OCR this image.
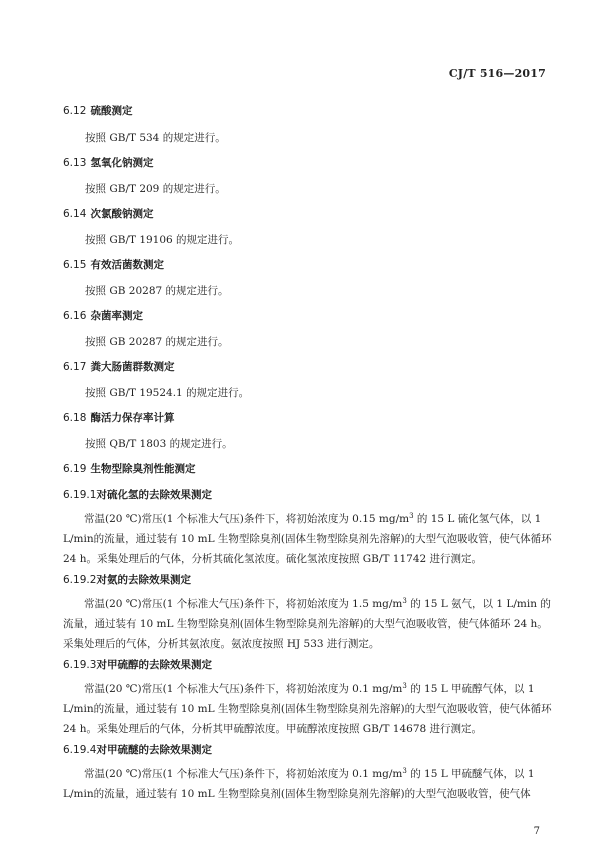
CJ/T 516—2017
6.12 硫酸测定
按照 GB/T 534 的规定进行。
6.13 氢氧化钠测定
按照 GB/T 209 的规定进行。
6.14 次氯酸钠测定
按照 GB/T 19106 的规定进行。
6.15 有效活菌数测定
按照 GB 20287 的规定进行。
6.16 杂菌率测定
按照 GB 20287 的规定进行。
6.17 粪大肠菌群数测定
按照 GB/T 19524.1 的规定进行。
6.18 酶活力保存率计算
按照 QB/T 1803 的规定进行。
6.19 生物型除臭剂性能测定
6.19.1 对硫化氢的去除效果测定
常温(20 ℃)常压(1 个标准大气压)条件下，将初始浓度为 0.15 $mg/m^3$ 的 15 L 硫化氢气体，以 1 L/min的流量，通过装有 10 mL 生物型除臭剂(固体生物型除臭剂先溶解)的大型气泡吸收管，使气体循环 24 h。采集处理后的气体，分析其硫化氢浓度。硫化氢浓度按照 GB/T 11742 进行测定。
6.19.2 对氨的去除效果测定
常温(20 ℃)常压(1 个标准大气压)条件下，将初始浓度为 1.5 $mg/m^3$ 的 15 L 氨气，以 1 L/min 的流量，通过装有 10 mL 生物型除臭剂(固体生物型除臭剂先溶解)的大型气泡吸收管，使气体循环 24 h。采集处理后的气体，分析其氨浓度。氨浓度按照 HJ 533 进行测定。
6.19.3 对甲硫醇的去除效果测定
常温(20 ℃)常压(1 个标准大气压)条件下，将初始浓度为 0.1 $mg/m^3$ 的 15 L 甲硫醇气体，以 1 L/min的流量，通过装有 10 mL 生物型除臭剂(固体生物型除臭剂先溶解)的大型气泡吸收管，使气体循环 24 h。采集处理后的气体，分析其甲硫醇浓度。甲硫醇浓度按照 GB/T 14678 进行测定。
6.19.4 对甲硫醚的去除效果测定
常温(20 ℃)常压(1 个标准大气压)条件下，将初始浓度为 0.1 $mg/m^3$ 的 15 L 甲硫醚气体，以 1 L/min的流量，通过装有 10 mL 生物型除臭剂(固体生物型除臭剂先溶解)的大型气泡吸收管，使气体
7
